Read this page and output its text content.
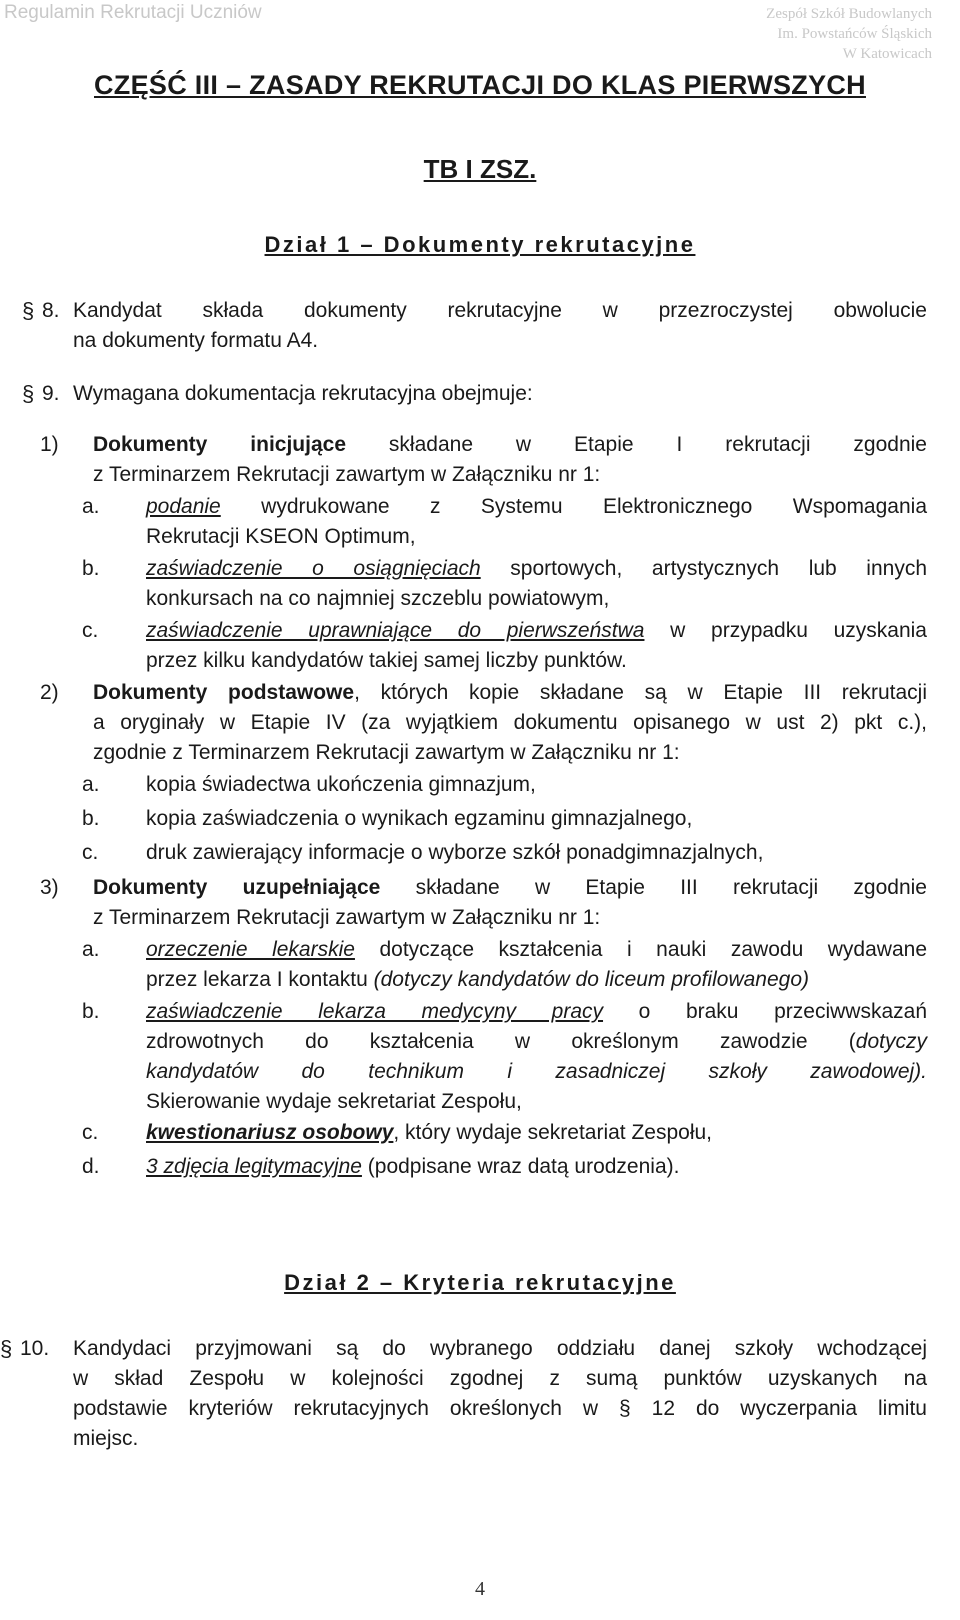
Regulamin Rekrutacji Uczniów	Zespół Szkół Budowlanych
Im. Powstańców Śląskich
W Katowicach
CZĘŚĆ III – ZASADY REKRUTACJI DO KLAS PIERWSZYCH
TB I ZSZ.
Dział 1 – Dokumenty rekrutacyjne
§ 8. Kandydat składa dokumenty rekrutacyjne w przezroczystej obwolucie
na dokumenty formatu A4.
§ 9. Wymagana dokumentacja rekrutacyjna obejmuje:
1) Dokumenty inicjujące składane w Etapie I rekrutacji zgodnie
z Terminarzem Rekrutacji zawartym w Załączniku nr 1:
a. podanie wydrukowane z Systemu Elektronicznego Wspomagania
Rekrutacji KSEON Optimum,
b. zaświadczenie o osiągnięciach sportowych, artystycznych lub innych
konkursach na co najmniej szczeblu powiatowym,
c. zaświadczenie uprawniające do pierwszeństwa w przypadku uzyskania
przez kilku kandydatów takiej samej liczby punktów.
2) Dokumenty podstawowe, których kopie składane są w Etapie III rekrutacji
a oryginały w Etapie IV (za wyjątkiem dokumentu opisanego w ust 2) pkt c.),
zgodnie z Terminarzem Rekrutacji zawartym w Załączniku nr 1:
a. kopia świadectwa ukończenia gimnazjum,
b. kopia zaświadczenia o wynikach egzaminu gimnazjalnego,
c. druk zawierający informacje o wyborze szkół ponadgimnazjalnych,
3) Dokumenty uzupełniające składane w Etapie III rekrutacji zgodnie
z Terminarzem Rekrutacji zawartym w Załączniku nr 1:
a. orzeczenie lekarskie dotyczące kształcenia i nauki zawodu wydawane
przez lekarza I kontaktu (dotyczy kandydatów do liceum profilowanego)
b. zaświadczenie lekarza medycyny pracy o braku przeciwwskazań
zdrowotnych do kształcenia w określonym zawodzie (dotyczy
kandydatów do technikum i zasadniczej szkoły zawodowej).
Skierowanie wydaje sekretariat Zespołu,
c. kwestionariusz osobowy, który wydaje sekretariat Zespołu,
d. 3 zdjęcia legitymacyjne (podpisane wraz datą urodzenia).
Dział 2 – Kryteria rekrutacyjne
§ 10. Kandydaci przyjmowani są do wybranego oddziału danej szkoły wchodzącej
w skład Zespołu w kolejności zgodnej z sumą punktów uzyskanych na
podstawie kryteriów rekrutacyjnych określonych w § 12 do wyczerpania limitu
miejsc.
4
